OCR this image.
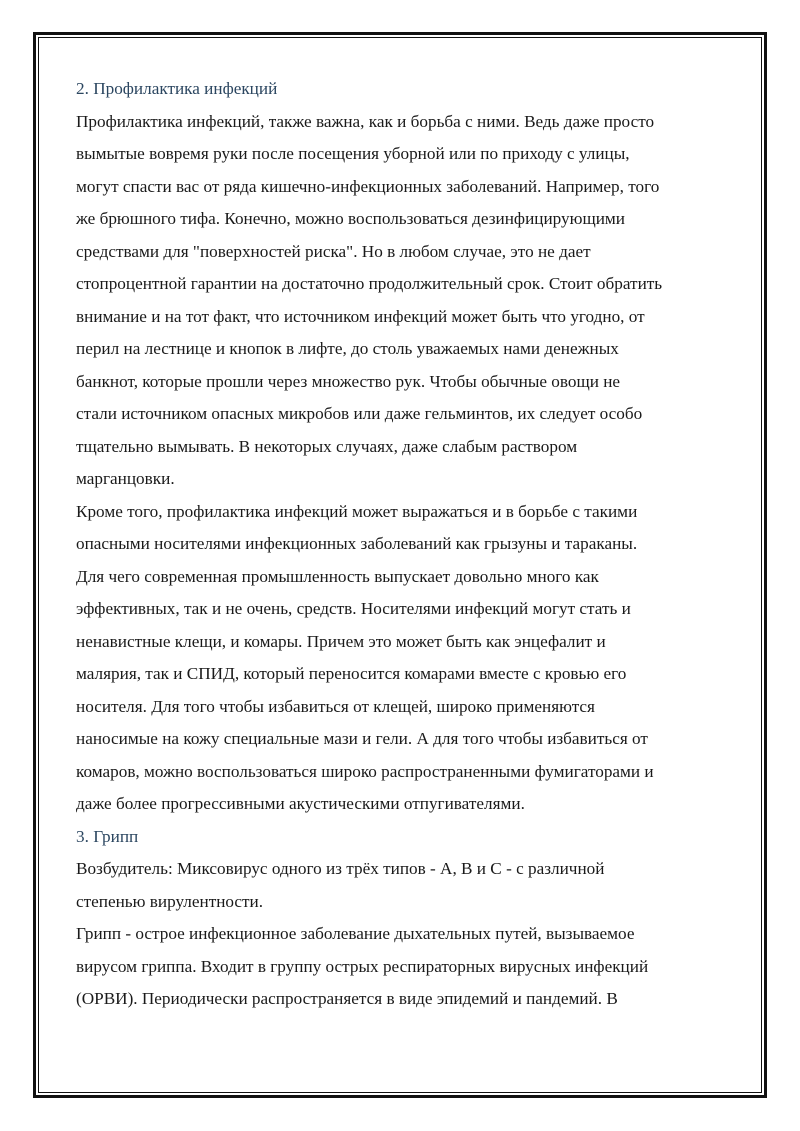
2. Профилактика инфекций

Профилактика инфекций, также важна, как и борьба с ними. Ведь даже просто
вымытые вовремя руки после посещения уборной или по приходу с улицы,
могут спасти вас от ряда кишечно-инфекционных заболеваний. Например, того
же брюшного тифа. Конечно, можно воспользоваться дезинфицирующими
средствами для "поверхностей риска". Но в любом случае, это не дает
стопроцентной гарантии на достаточно продолжительный срок. Стоит обратить
внимание и на тот факт, что источником инфекций может быть что угодно, от
перил на лестнице и кнопок в лифте, до столь уважаемых нами денежных
банкнот, которые прошли через множество рук. Чтобы обычные овощи не
стали источником опасных микробов или даже гельминтов, их следует особо
тщательно вымывать. В некоторых случаях, даже слабым раствором
марганцовки.

Кроме того, профилактика инфекций может выражаться и в борьбе с такими
опасными носителями инфекционных заболеваний как грызуны и тараканы.
Для чего современная промышленность выпускает довольно много как
эффективных, так и не очень, средств. Носителями инфекций могут стать и
ненавистные клещи, и комары. Причем это может быть как энцефалит и
малярия, так и СПИД, который переносится комарами вместе с кровью его
носителя. Для того чтобы избавиться от клещей, широко применяются
наносимые на кожу специальные мази и гели. А для того чтобы избавиться от
комаров, можно воспользоваться широко распространенными фумигаторами и
даже более прогрессивными акустическими отпугивателями.

3. Грипп

Возбудитель: Миксовирус одного из трёх типов - A, B и C - с различной
степенью вирулентности.

Грипп - острое инфекционное заболевание дыхательных путей, вызываемое
вирусом гриппа. Входит в группу острых респираторных вирусных инфекций
(ОРВИ). Периодически распространяется в виде эпидемий и пандемий. В
